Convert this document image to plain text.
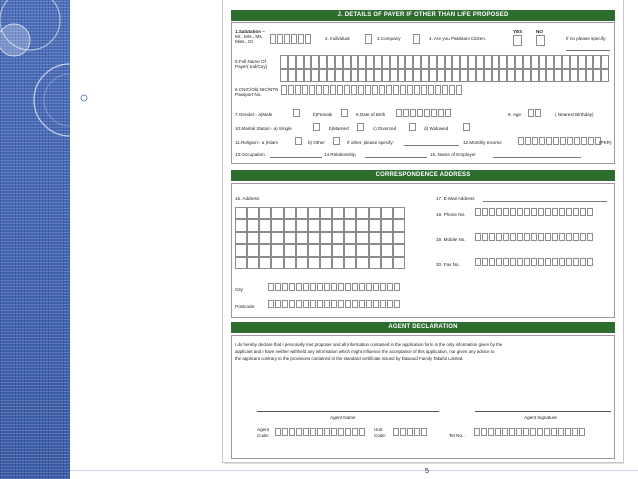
J. DETAILS OF PAYER IF OTHER THAN LIFE PROPOSED
1.Salutation –
Mr., Mrs., Ms.
Miss., Dr.
2. Individual	3.Company	4. Are you Pakistani Citizen.
YES	NO
If no please specify:
5.Full Name Of
Payer( Ind/Coy)
6.CNIC/Old NIC/NTN
Passport No.
7.Gender:- a)Male	b)Female	8.Date of Birth	9. Age	( Nearest Birthday)
10.Marital Status:- a) Single	b)Married	c) Divorced	d) Widowed
11.Religion:- a )Islam	b) Other	If other, please specify:	12.Monthly Income	(PKR)
13.Occupation	14.Relationship	15. Name of Employer
CORRESPONDENCE ADDRESS
16. Address	17. E-Mail Address
18. Phone No.
19. Mobile No.
20. Fax No.
City
Postcode
AGENT DECLARATION
I do hereby declare that I personally met proposer and all information contained in the application form is the only information given by the
applicant and I have neither withheld any information which might influence the acceptance of this application, nor given any advice to
the applicant contrary to the provisions contained in the standard certificate issued by Dawood Family Takaful Limited.
Agent Name	Agent Signature
Agent
Code:
Unit
Code:	Tel No. :
5
